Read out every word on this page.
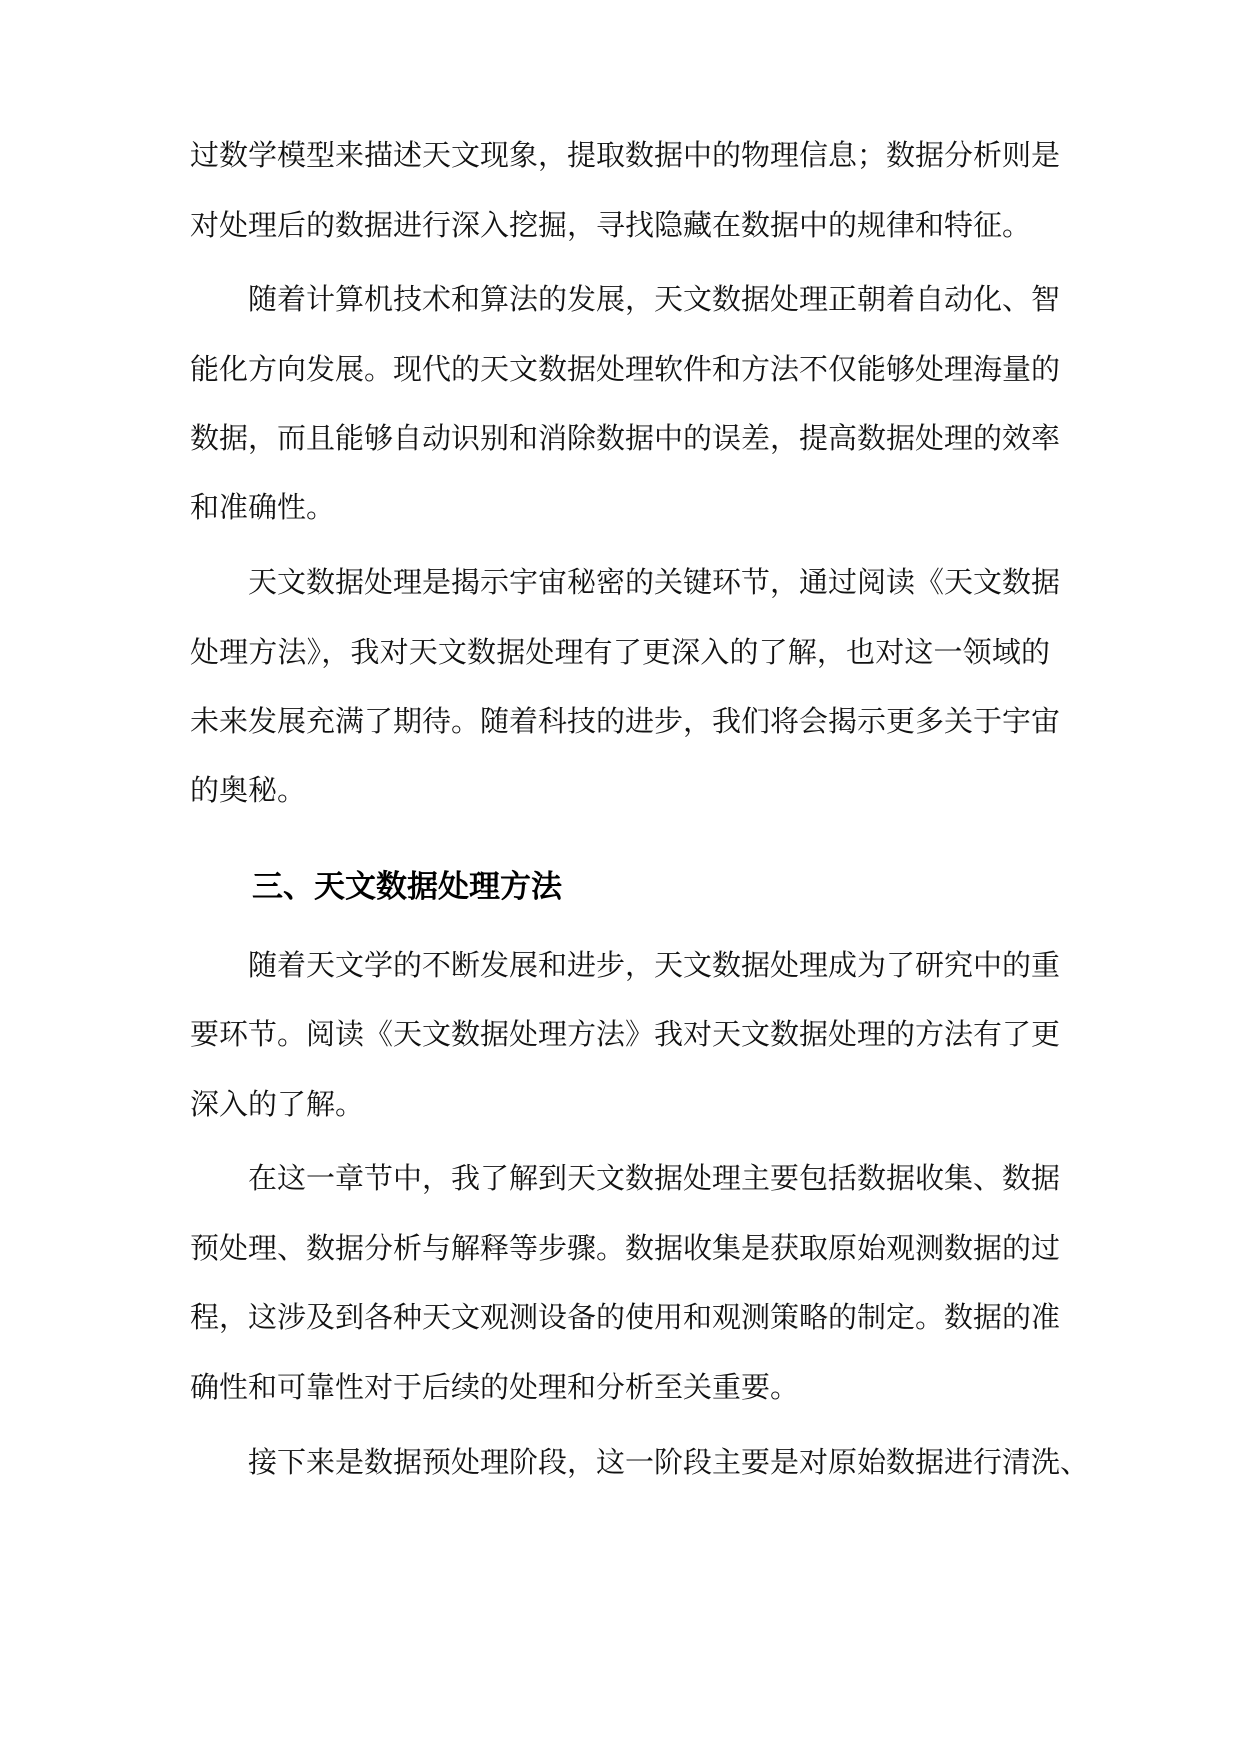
过数学模型来描述天文现象，提取数据中的物理信息；数据分析则是
对处理后的数据进行深入挖掘，寻找隐藏在数据中的规律和特征。
随着计算机技术和算法的发展，天文数据处理正朝着自动化、智
能化方向发展。现代的天文数据处理软件和方法不仅能够处理海量的
数据，而且能够自动识别和消除数据中的误差，提高数据处理的效率
和准确性。
天文数据处理是揭示宇宙秘密的关键环节，通过阅读《天文数据
处理方法》，我对天文数据处理有了更深入的了解，也对这一领域的
未来发展充满了期待。随着科技的进步，我们将会揭示更多关于宇宙
的奥秘。
三、天文数据处理方法
随着天文学的不断发展和进步，天文数据处理成为了研究中的重
要环节。阅读《天文数据处理方法》我对天文数据处理的方法有了更
深入的了解。
在这一章节中，我了解到天文数据处理主要包括数据收集、数据
预处理、数据分析与解释等步骤。数据收集是获取原始观测数据的过
程，这涉及到各种天文观测设备的使用和观测策略的制定。数据的准
确性和可靠性对于后续的处理和分析至关重要。
接下来是数据预处理阶段，这一阶段主要是对原始数据进行清洗、
